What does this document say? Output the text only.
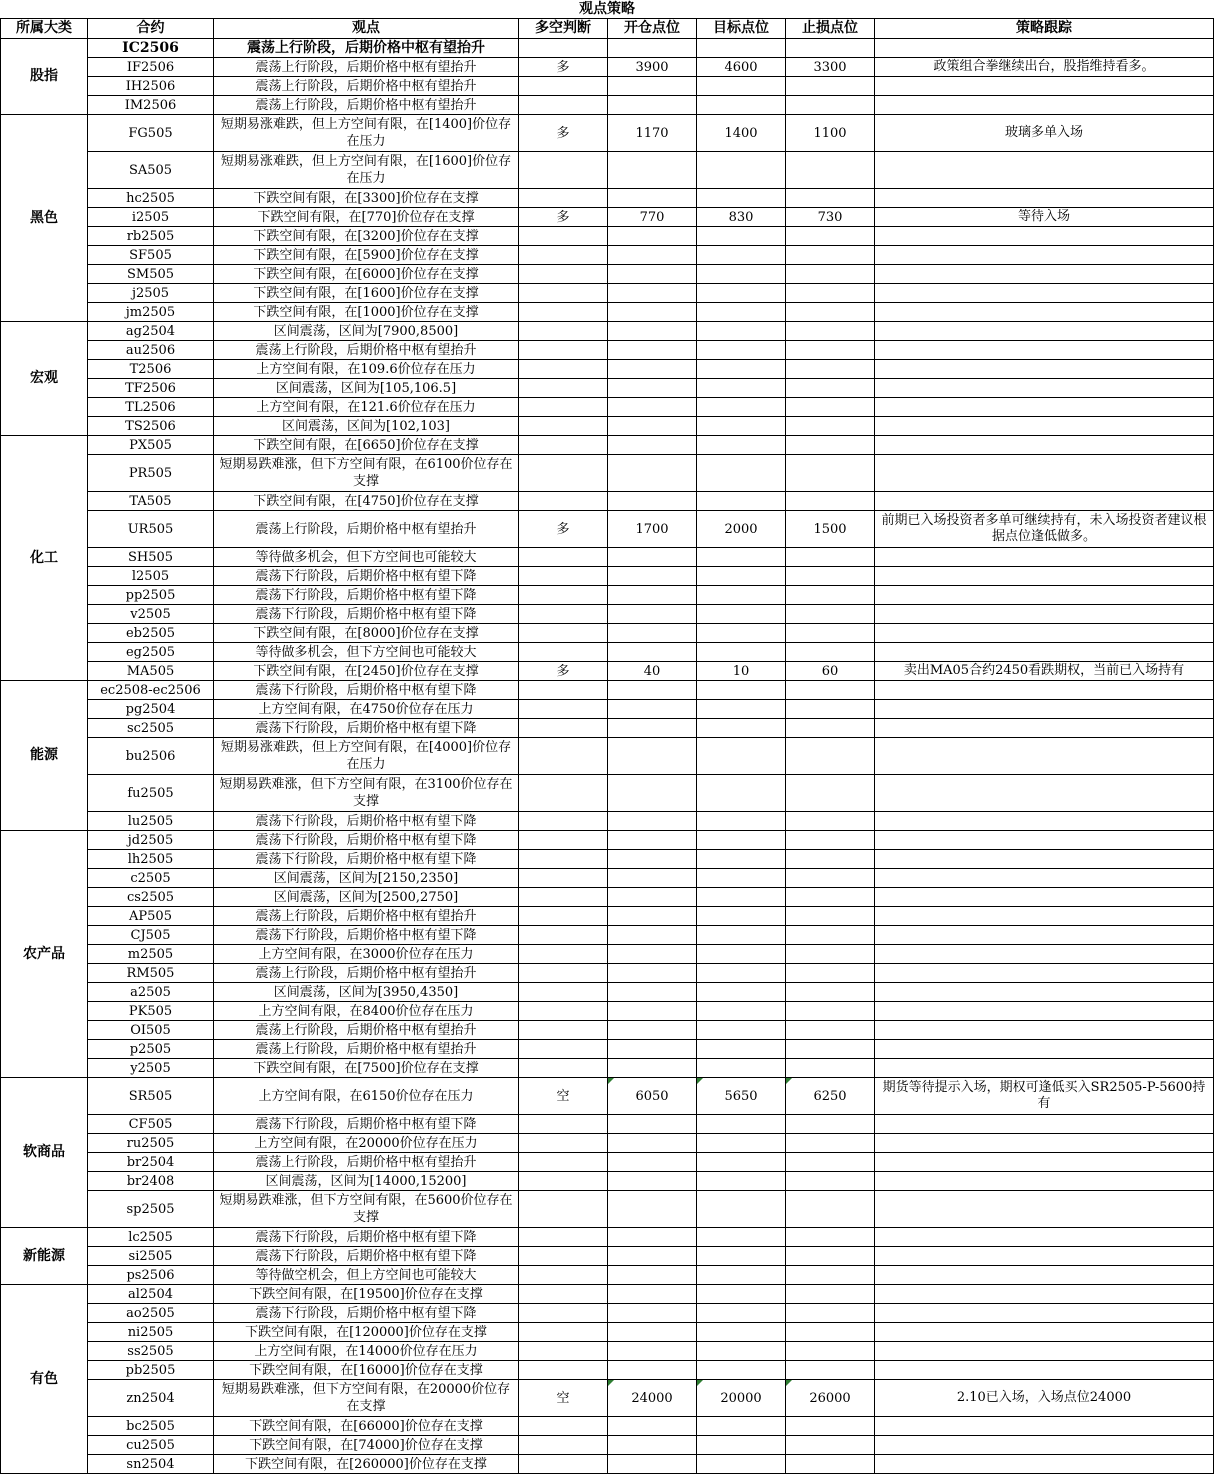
观点策略							
所属大类	合约	观点	多空判断	开仓点位	目标点位	止损点位	策略跟踪
股指	IC2506	震荡上行阶段，后期价格中枢有望抬升					
	IF2506	震荡上行阶段，后期价格中枢有望抬升	多	3900	4600	3300	政策组合拳继续出台，股指维持看多。
	IH2506	震荡上行阶段，后期价格中枢有望抬升					
	IM2506	震荡上行阶段，后期价格中枢有望抬升					
黑色	FG505	短期易涨难跌，但上方空间有限，在[1400]价位存在压力	多	1170	1400	1100	玻璃多单入场
	SA505	短期易涨难跌，但上方空间有限，在[1600]价位存在压力					
	hc2505	下跌空间有限，在[3300]价位存在支撑					
	i2505	下跌空间有限，在[770]价位存在支撑	多	770	830	730	等待入场
	rb2505	下跌空间有限，在[3200]价位存在支撑					
	SF505	下跌空间有限，在[5900]价位存在支撑					
	SM505	下跌空间有限，在[6000]价位存在支撑					
	j2505	下跌空间有限，在[1600]价位存在支撑					
	jm2505	下跌空间有限，在[1000]价位存在支撑					
宏观	ag2504	区间震荡，区间为[7900,8500]					
	au2506	震荡上行阶段，后期价格中枢有望抬升					
	T2506	上方空间有限，在109.6价位存在压力					
	TF2506	区间震荡，区间为[105,106.5]					
	TL2506	上方空间有限，在121.6价位存在压力					
	TS2506	区间震荡，区间为[102,103]					
化工	PX505	下跌空间有限，在[6650]价位存在支撑					
	PR505	短期易跌难涨，但下方空间有限，在6100价位存在支撑					
	TA505	下跌空间有限，在[4750]价位存在支撑					
	UR505	震荡上行阶段，后期价格中枢有望抬升	多	1700	2000	1500	前期已入场投资者多单可继续持有，未入场投资者建议根据点位逢低做多。
	SH505	等待做多机会，但下方空间也可能较大					
	l2505	震荡下行阶段，后期价格中枢有望下降					
	pp2505	震荡下行阶段，后期价格中枢有望下降					
	v2505	震荡下行阶段，后期价格中枢有望下降					
	eb2505	下跌空间有限，在[8000]价位存在支撑					
	eg2505	等待做多机会，但下方空间也可能较大					
	MA505	下跌空间有限，在[2450]价位存在支撑	多	40	10	60	卖出MA05合约2450看跌期权，当前已入场持有
能源	ec2508-ec2506	震荡下行阶段，后期价格中枢有望下降					
	pg2504	上方空间有限，在4750价位存在压力					
	sc2505	震荡下行阶段，后期价格中枢有望下降					
	bu2506	短期易涨难跌，但上方空间有限，在[4000]价位存在压力					
	fu2505	短期易跌难涨，但下方空间有限，在3100价位存在支撑					
	lu2505	震荡下行阶段，后期价格中枢有望下降					
农产品	jd2505	震荡下行阶段，后期价格中枢有望下降					
	lh2505	震荡下行阶段，后期价格中枢有望下降					
	c2505	区间震荡，区间为[2150,2350]					
	cs2505	区间震荡，区间为[2500,2750]					
	AP505	震荡上行阶段，后期价格中枢有望抬升					
	CJ505	震荡下行阶段，后期价格中枢有望下降					
	m2505	上方空间有限，在3000价位存在压力					
	RM505	震荡上行阶段，后期价格中枢有望抬升					
	a2505	区间震荡，区间为[3950,4350]					
	PK505	上方空间有限，在8400价位存在压力					
	OI505	震荡上行阶段，后期价格中枢有望抬升					
	p2505	震荡上行阶段，后期价格中枢有望抬升					
	y2505	下跌空间有限，在[7500]价位存在支撑					
软商品	SR505	上方空间有限，在6150价位存在压力	空	6050	5650	6250	期货等待提示入场，期权可逢低买入SR2505-P-5600持有
	CF505	震荡下行阶段，后期价格中枢有望下降					
	ru2505	上方空间有限，在20000价位存在压力					
	br2504	震荡上行阶段，后期价格中枢有望抬升					
	br2408	区间震荡，区间为[14000,15200]					
	sp2505	短期易跌难涨，但下方空间有限，在5600价位存在支撑					
新能源	lc2505	震荡下行阶段，后期价格中枢有望下降					
	si2505	震荡下行阶段，后期价格中枢有望下降					
	ps2506	等待做空机会，但上方空间也可能较大					
有色	al2504	下跌空间有限，在[19500]价位存在支撑					
	ao2505	震荡下行阶段，后期价格中枢有望下降					
	ni2505	下跌空间有限，在[120000]价位存在支撑					
	ss2505	上方空间有限，在14000价位存在压力					
	pb2505	下跌空间有限，在[16000]价位存在支撑					
	zn2504	短期易跌难涨，但下方空间有限，在20000价位存在支撑	空	24000	20000	26000	2.10已入场，入场点位24000
	bc2505	下跌空间有限，在[66000]价位存在支撑					
	cu2505	下跌空间有限，在[74000]价位存在支撑					
	sn2504	下跌空间有限，在[260000]价位存在支撑					
